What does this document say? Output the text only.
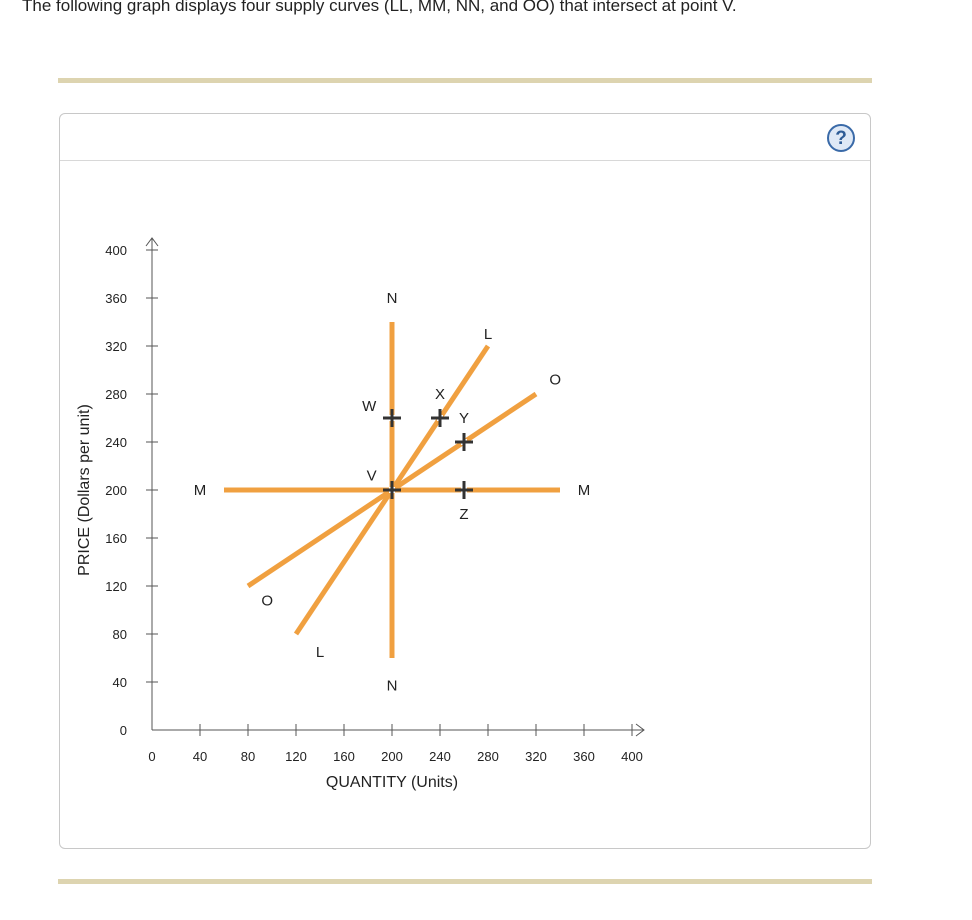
The following graph displays four supply curves (LL, MM, NN, and OO) that intersect at point V.

?
0	40	80 120 160 200 240 280 320 360 400
0
40
80
120
160
200
240
280
320
360
400
QUANTITY (Units)
PRICE (Dollars per unit)
L
L
M	M
N
N
O
O
V
W
X
Y
Z
